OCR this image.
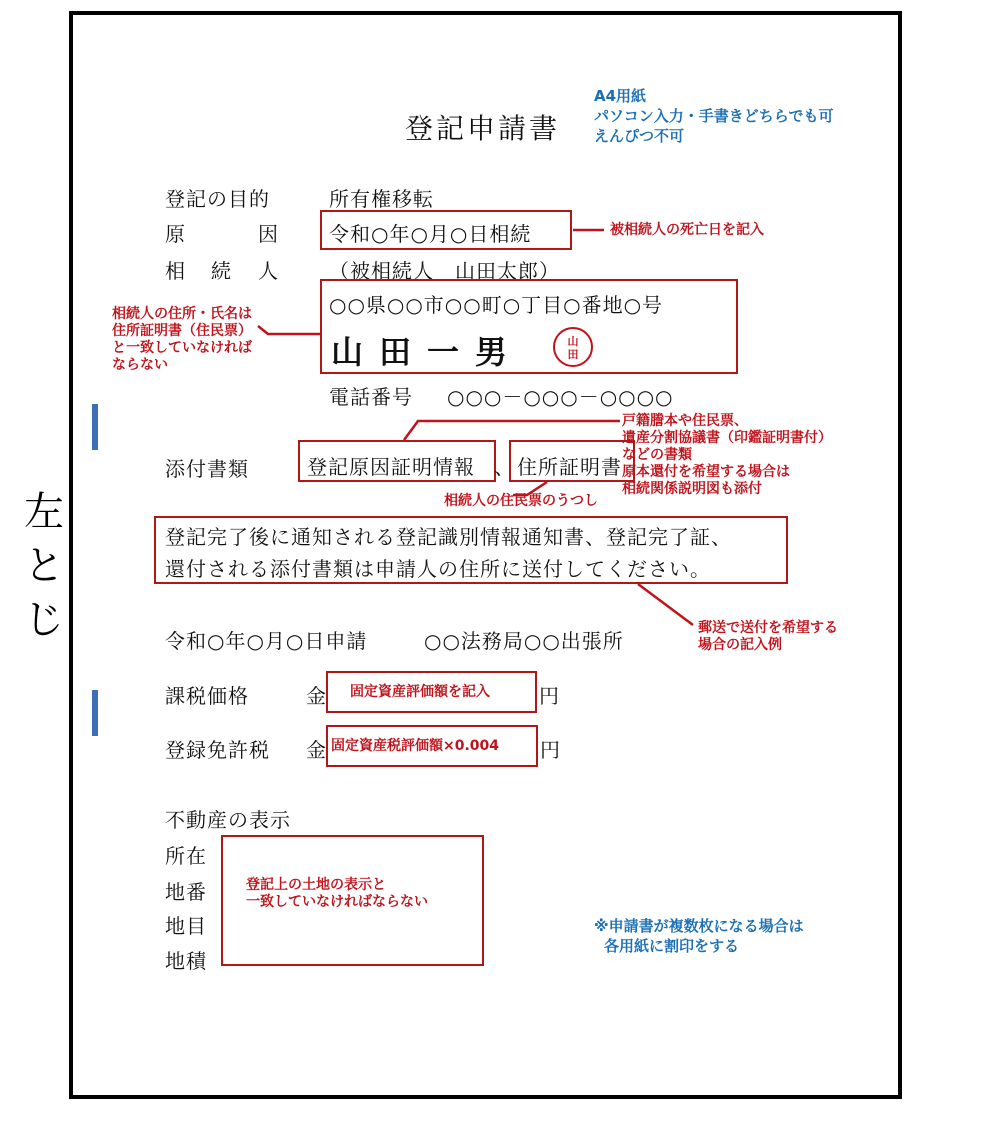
左とじ
登記申請書
A4用紙
パソコン入力・手書きどちらでも可
えんぴつ不可
登記の目的	所有権移転
原	因	令和○年○月○日相続	被相続人の死亡日を記入
相 続 人	（被相続人　山田太郎）
○○県○○市○○町○丁目○番地○号
山田一男	山
田
相続人の住所・氏名は
住所証明書（住民票）
と一致していなければ
ならない
電話番号 ○○○－○○○－○○○○
戸籍謄本や住民票、
遺産分割協議書（印鑑証明書付）
などの書類
原本還付を希望する場合は
相続関係説明図も添付
添付書類	登記原因証明情報 、 住所証明書
相続人の住民票のうつし
登記完了後に通知される登記識別情報通知書、登記完了証、
還付される添付書類は申請人の住所に送付してください。
郵送で送付を希望する
場合の記入例
令和○年○月○日申請	○○法務局○○出張所
課税価格	金 固定資産評価額を記入 円
登録免許税 金 固定資産税評価額×0.004 円
不動産の表示
所在
地番
地目
地積
登記上の土地の表示と
一致していなければならない
※申請書が複数枚になる場合は
各用紙に割印をする
